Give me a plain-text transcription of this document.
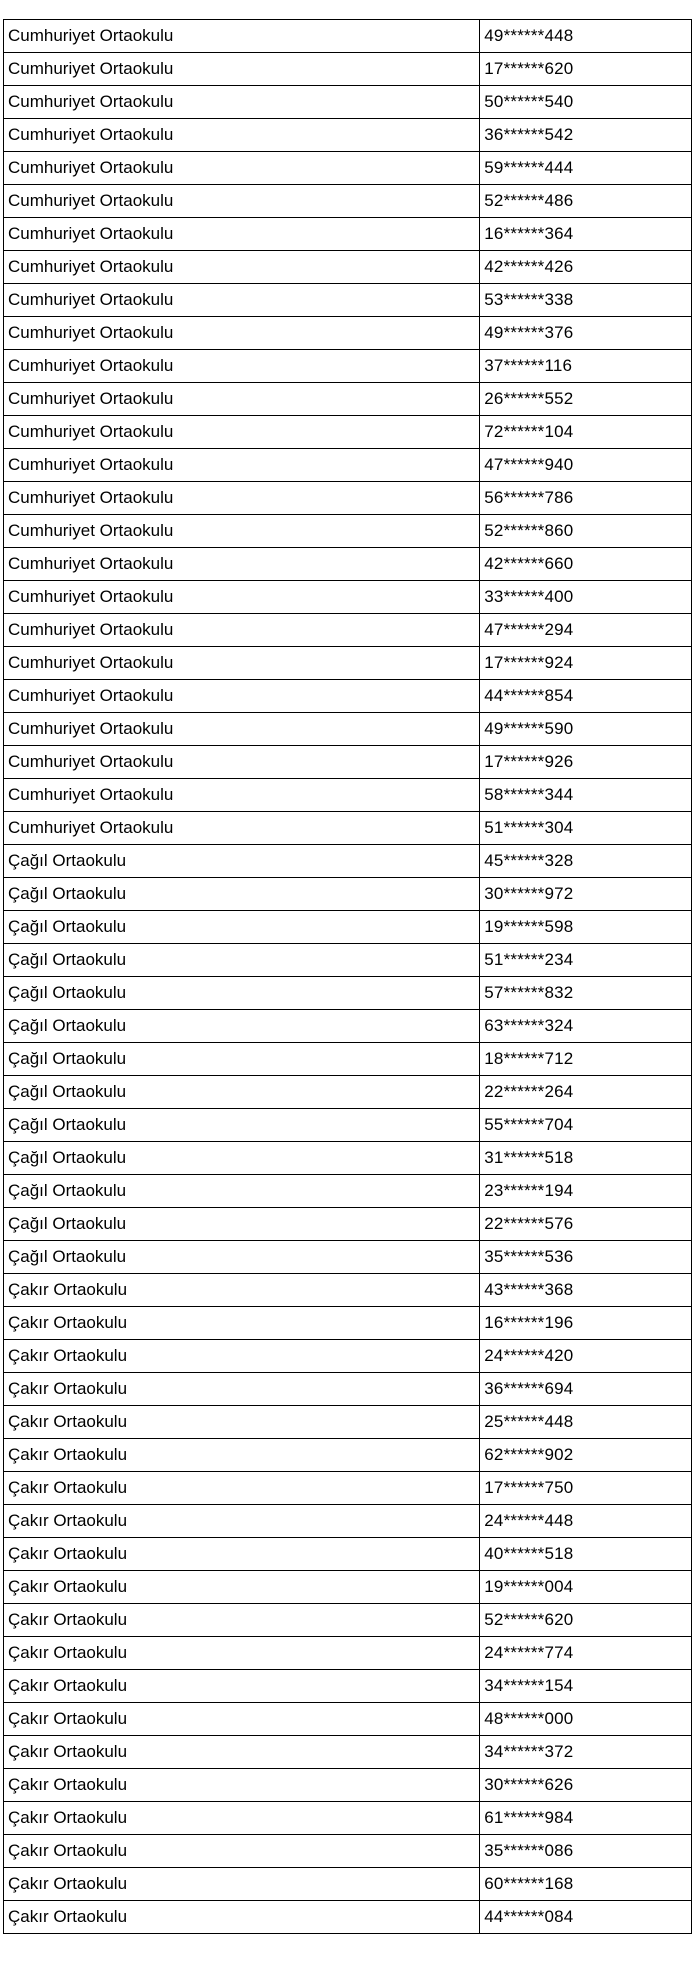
Cumhuriyet Ortaokulu	49******448
Cumhuriyet Ortaokulu	17******620
Cumhuriyet Ortaokulu	50******540
Cumhuriyet Ortaokulu	36******542
Cumhuriyet Ortaokulu	59******444
Cumhuriyet Ortaokulu	52******486
Cumhuriyet Ortaokulu	16******364
Cumhuriyet Ortaokulu	42******426
Cumhuriyet Ortaokulu	53******338
Cumhuriyet Ortaokulu	49******376
Cumhuriyet Ortaokulu	37******116
Cumhuriyet Ortaokulu	26******552
Cumhuriyet Ortaokulu	72******104
Cumhuriyet Ortaokulu	47******940
Cumhuriyet Ortaokulu	56******786
Cumhuriyet Ortaokulu	52******860
Cumhuriyet Ortaokulu	42******660
Cumhuriyet Ortaokulu	33******400
Cumhuriyet Ortaokulu	47******294
Cumhuriyet Ortaokulu	17******924
Cumhuriyet Ortaokulu	44******854
Cumhuriyet Ortaokulu	49******590
Cumhuriyet Ortaokulu	17******926
Cumhuriyet Ortaokulu	58******344
Cumhuriyet Ortaokulu	51******304
Çağıl Ortaokulu	45******328
Çağıl Ortaokulu	30******972
Çağıl Ortaokulu	19******598
Çağıl Ortaokulu	51******234
Çağıl Ortaokulu	57******832
Çağıl Ortaokulu	63******324
Çağıl Ortaokulu	18******712
Çağıl Ortaokulu	22******264
Çağıl Ortaokulu	55******704
Çağıl Ortaokulu	31******518
Çağıl Ortaokulu	23******194
Çağıl Ortaokulu	22******576
Çağıl Ortaokulu	35******536
Çakır Ortaokulu	43******368
Çakır Ortaokulu	16******196
Çakır Ortaokulu	24******420
Çakır Ortaokulu	36******694
Çakır Ortaokulu	25******448
Çakır Ortaokulu	62******902
Çakır Ortaokulu	17******750
Çakır Ortaokulu	24******448
Çakır Ortaokulu	40******518
Çakır Ortaokulu	19******004
Çakır Ortaokulu	52******620
Çakır Ortaokulu	24******774
Çakır Ortaokulu	34******154
Çakır Ortaokulu	48******000
Çakır Ortaokulu	34******372
Çakır Ortaokulu	30******626
Çakır Ortaokulu	61******984
Çakır Ortaokulu	35******086
Çakır Ortaokulu	60******168
Çakır Ortaokulu	44******084
